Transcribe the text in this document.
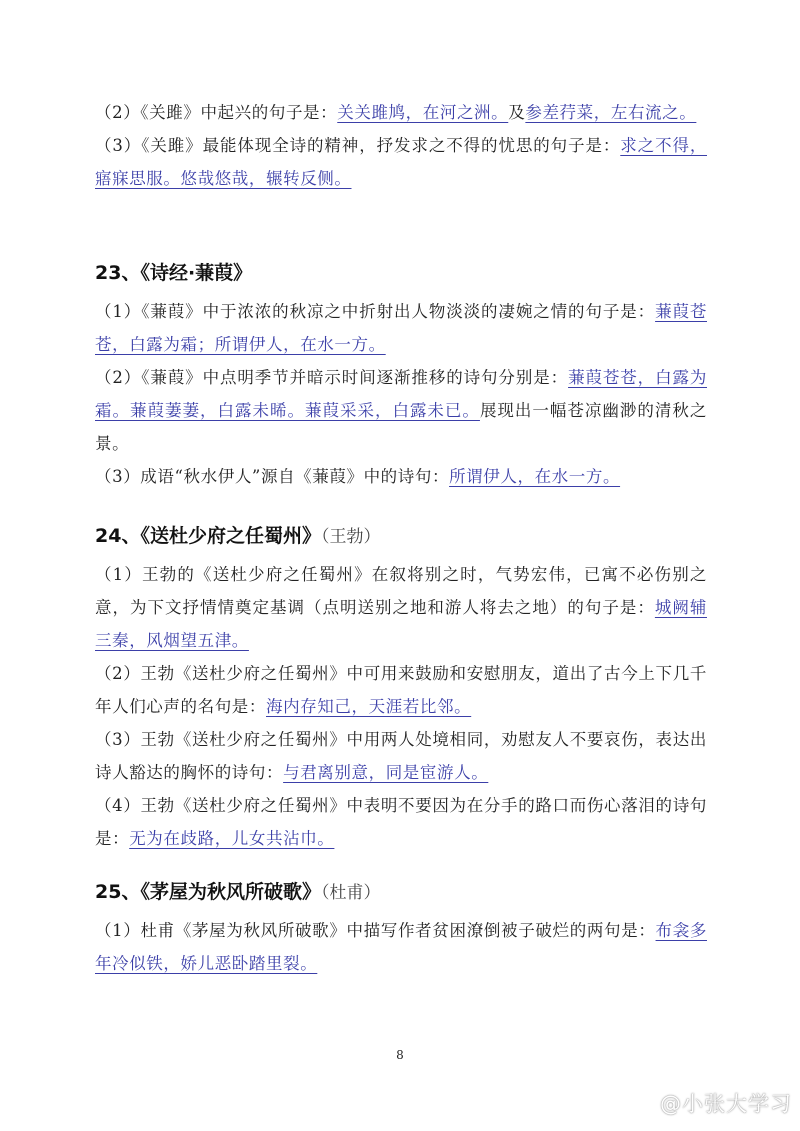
（2）《关雎》中起兴的句子是：关关雎鸠，在河之洲。及参差荇菜，左右流之。
（3）《关雎》最能体现全诗的精神，抒发求之不得的忧思的句子是：求之不得，寤寐思服。悠哉悠哉，辗转反侧。
23、《诗经·蒹葭》
（1）《蒹葭》中于浓浓的秋凉之中折射出人物淡淡的凄婉之情的句子是：蒹葭苍苍，白露为霜；所谓伊人，在水一方。
（2）《蒹葭》中点明季节并暗示时间逐渐推移的诗句分别是：蒹葭苍苍，白露为霜。蒹葭萋萋，白露未晞。蒹葭采采，白露未已。展现出一幅苍凉幽渺的清秋之景。
（3）成语“秋水伊人”源自《蒹葭》中的诗句：所谓伊人，在水一方。
24、《送杜少府之任蜀州》（王勃）
（1）王勃的《送杜少府之任蜀州》在叙将别之时，气势宏伟，已寓不必伤别之意，为下文抒情情奠定基调（点明送别之地和游人将去之地）的句子是：城阙辅三秦，风烟望五津。
（2）王勃《送杜少府之任蜀州》中可用来鼓励和安慰朋友，道出了古今上下几千年人们心声的名句是：海内存知己，天涯若比邻。
（3）王勃《送杜少府之任蜀州》中用两人处境相同，劝慰友人不要哀伤，表达出诗人豁达的胸怀的诗句：与君离别意，同是宦游人。
（4）王勃《送杜少府之任蜀州》中表明不要因为在分手的路口而伤心落泪的诗句是：无为在歧路，儿女共沾巾。
25、《茅屋为秋风所破歌》（杜甫）
（1）杜甫《茅屋为秋风所破歌》中描写作者贫困潦倒被子破烂的两句是：布衾多年冷似铁，娇儿恶卧踏里裂。
8
@小张大学习
